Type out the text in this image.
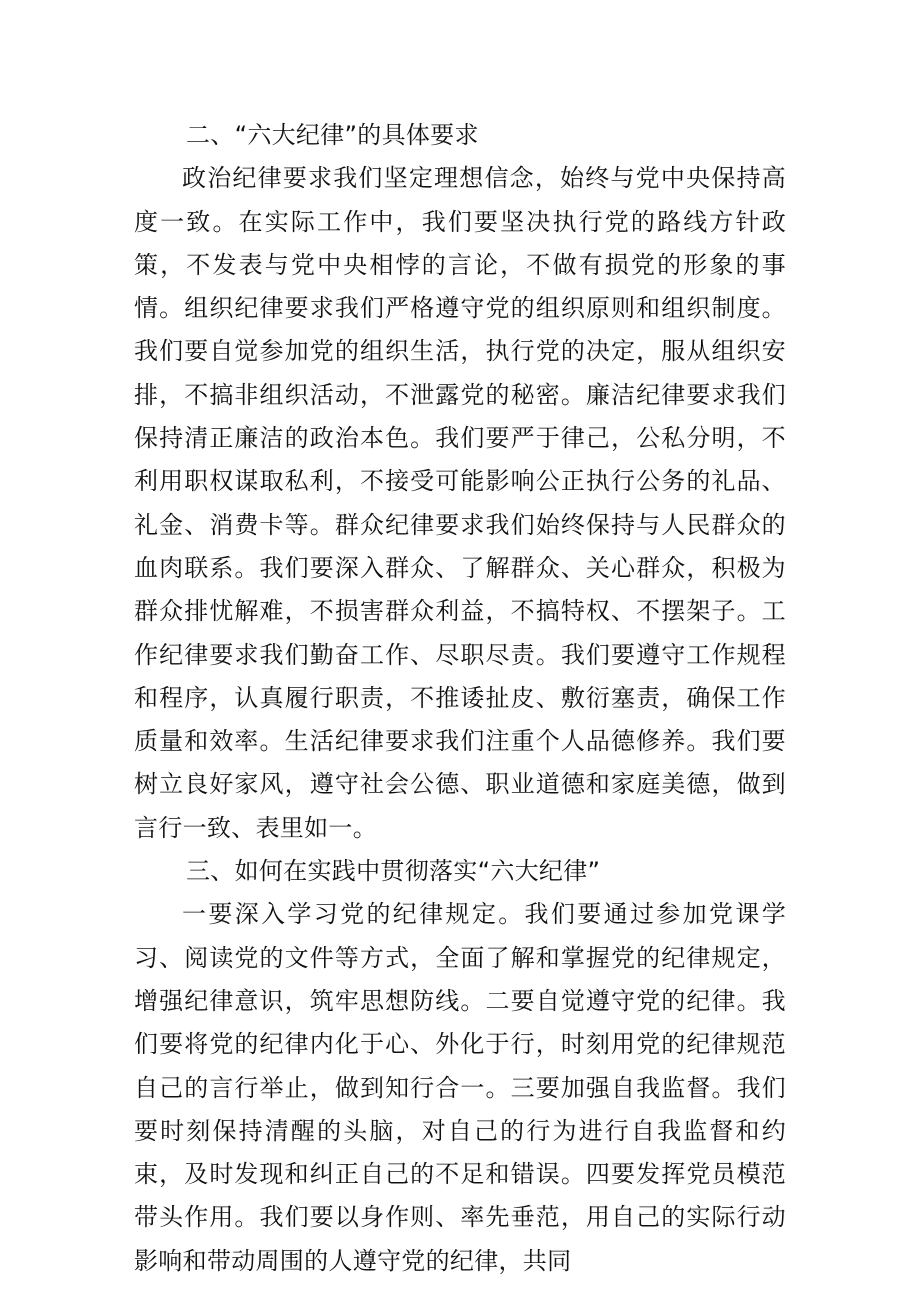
二、“六大纪律”的具体要求

政治纪律要求我们坚定理想信念，始终与党中央保持高度一致。在实际工作中，我们要坚决执行党的路线方针政策，不发表与党中央相悖的言论，不做有损党的形象的事情。组织纪律要求我们严格遵守党的组织原则和组织制度。我们要自觉参加党的组织生活，执行党的决定，服从组织安排，不搞非组织活动，不泄露党的秘密。廉洁纪律要求我们保持清正廉洁的政治本色。我们要严于律己，公私分明，不利用职权谋取私利，不接受可能影响公正执行公务的礼品、礼金、消费卡等。群众纪律要求我们始终保持与人民群众的血肉联系。我们要深入群众、了解群众、关心群众，积极为群众排忧解难，不损害群众利益，不搞特权、不摆架子。工作纪律要求我们勤奋工作、尽职尽责。我们要遵守工作规程和程序，认真履行职责，不推诿扯皮、敷衍塞责，确保工作质量和效率。生活纪律要求我们注重个人品德修养。我们要树立良好家风，遵守社会公德、职业道德和家庭美德，做到言行一致、表里如一。

三、如何在实践中贯彻落实“六大纪律”

一要深入学习党的纪律规定。我们要通过参加党课学习、阅读党的文件等方式，全面了解和掌握党的纪律规定，增强纪律意识，筑牢思想防线。二要自觉遵守党的纪律。我们要将党的纪律内化于心、外化于行，时刻用党的纪律规范自己的言行举止，做到知行合一。三要加强自我监督。我们要时刻保持清醒的头脑，对自己的行为进行自我监督和约束，及时发现和纠正自己的不足和错误。四要发挥党员模范带头作用。我们要以身作则、率先垂范，用自己的实际行动影响和带动周围的人遵守党的纪律，共同
